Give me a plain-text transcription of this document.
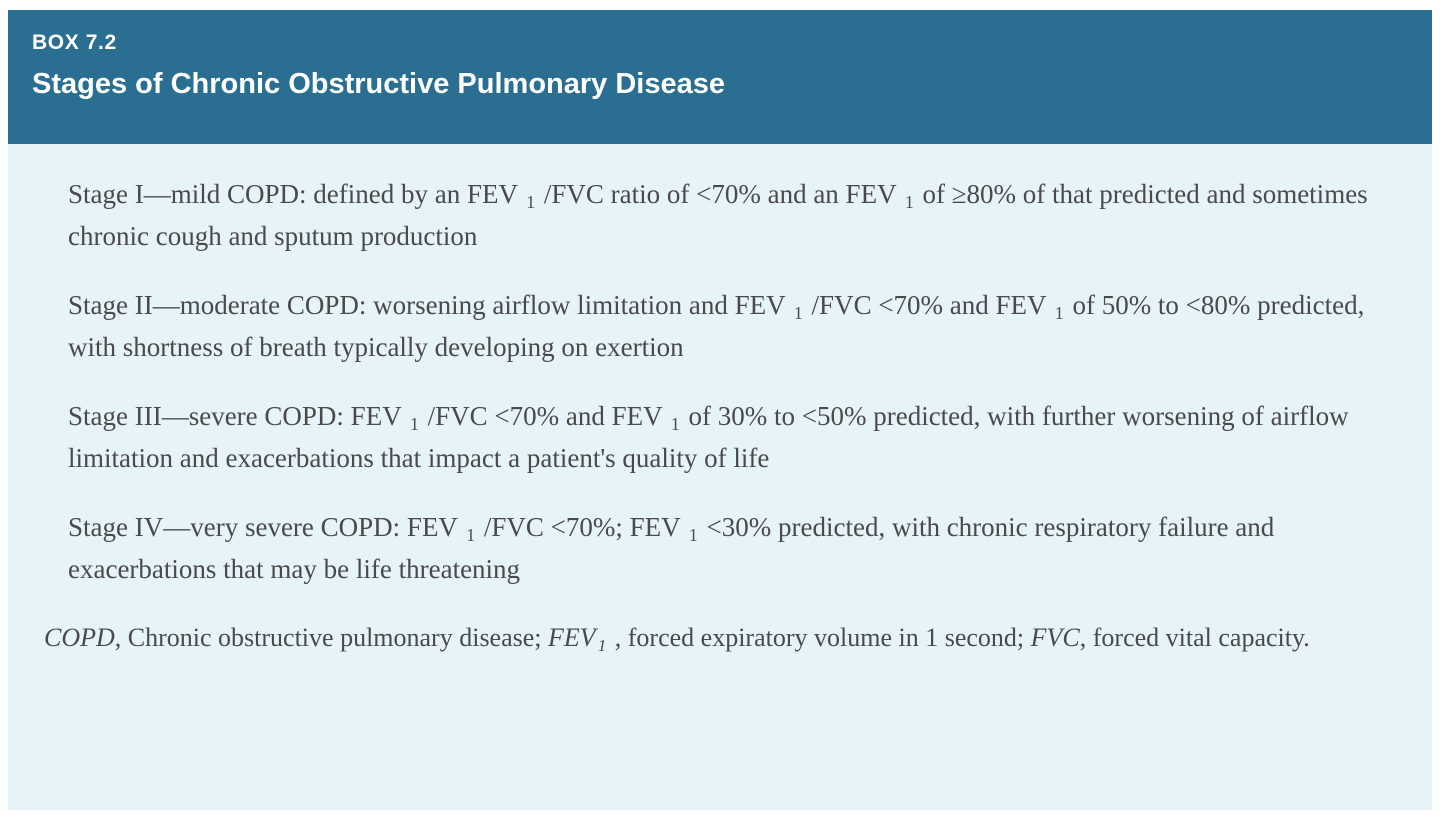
BOX 7.2
Stages of Chronic Obstructive Pulmonary Disease
Stage I—mild COPD: defined by an FEV $_1$ /FVC ratio of <70% and an FEV $_1$ of ≥80% of that predicted and sometimes chronic cough and sputum production
Stage II—moderate COPD: worsening airflow limitation and FEV $_1$ /FVC <70% and FEV $_1$ of 50% to <80% predicted, with shortness of breath typically developing on exertion
Stage III—severe COPD: FEV $_1$ /FVC <70% and FEV $_1$ of 30% to <50% predicted, with further worsening of airflow limitation and exacerbations that impact a patient's quality of life
Stage IV—very severe COPD: FEV $_1$ /FVC <70%; FEV $_1$ <30% predicted, with chronic respiratory failure and exacerbations that may be life threatening
COPD, Chronic obstructive pulmonary disease; FEV $_1$ , forced expiratory volume in 1 second; FVC, forced vital capacity.
